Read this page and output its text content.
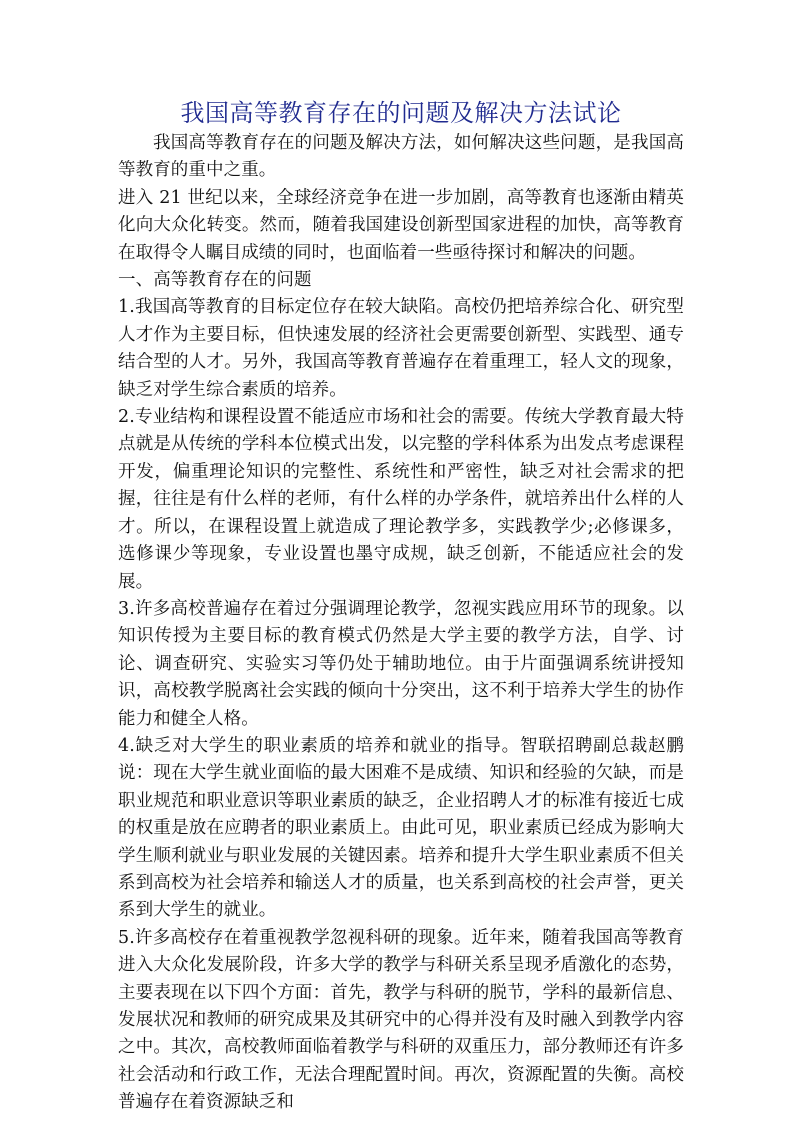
我国高等教育存在的问题及解决方法试论

我国高等教育存在的问题及解决方法，如何解决这些问题，是我国高等教育的重中之重。

进入 21 世纪以来，全球经济竞争在进一步加剧，高等教育也逐渐由精英化向大众化转变。然而，随着我国建设创新型国家进程的加快，高等教育在取得令人瞩目成绩的同时，也面临着一些亟待探讨和解决的问题。

一、高等教育存在的问题

1.我国高等教育的目标定位存在较大缺陷。高校仍把培养综合化、研究型人才作为主要目标，但快速发展的经济社会更需要创新型、实践型、通专结合型的人才。另外，我国高等教育普遍存在着重理工，轻人文的现象，缺乏对学生综合素质的培养。

2.专业结构和课程设置不能适应市场和社会的需要。传统大学教育最大特点就是从传统的学科本位模式出发，以完整的学科体系为出发点考虑课程开发，偏重理论知识的完整性、系统性和严密性，缺乏对社会需求的把握，往往是有什么样的老师，有什么样的办学条件，就培养出什么样的人才。所以，在课程设置上就造成了理论教学多，实践教学少;必修课多，选修课少等现象，专业设置也墨守成规，缺乏创新，不能适应社会的发展。

3.许多高校普遍存在着过分强调理论教学，忽视实践应用环节的现象。以知识传授为主要目标的教育模式仍然是大学主要的教学方法，自学、讨论、调查研究、实验实习等仍处于辅助地位。由于片面强调系统讲授知识，高校教学脱离社会实践的倾向十分突出，这不利于培养大学生的协作能力和健全人格。

4.缺乏对大学生的职业素质的培养和就业的指导。智联招聘副总裁赵鹏说：现在大学生就业面临的最大困难不是成绩、知识和经验的欠缺，而是职业规范和职业意识等职业素质的缺乏，企业招聘人才的标准有接近七成的权重是放在应聘者的职业素质上。由此可见，职业素质已经成为影响大学生顺利就业与职业发展的关键因素。培养和提升大学生职业素质不但关系到高校为社会培养和输送人才的质量，也关系到高校的社会声誉，更关系到大学生的就业。

5.许多高校存在着重视教学忽视科研的现象。近年来，随着我国高等教育进入大众化发展阶段，许多大学的教学与科研关系呈现矛盾激化的态势，主要表现在以下四个方面：首先，教学与科研的脱节，学科的最新信息、发展状况和教师的研究成果及其研究中的心得并没有及时融入到教学内容之中。其次，高校教师面临着教学与科研的双重压力，部分教师还有许多社会活动和行政工作，无法合理配置时间。再次，资源配置的失衡。高校普遍存在着资源缺乏和
